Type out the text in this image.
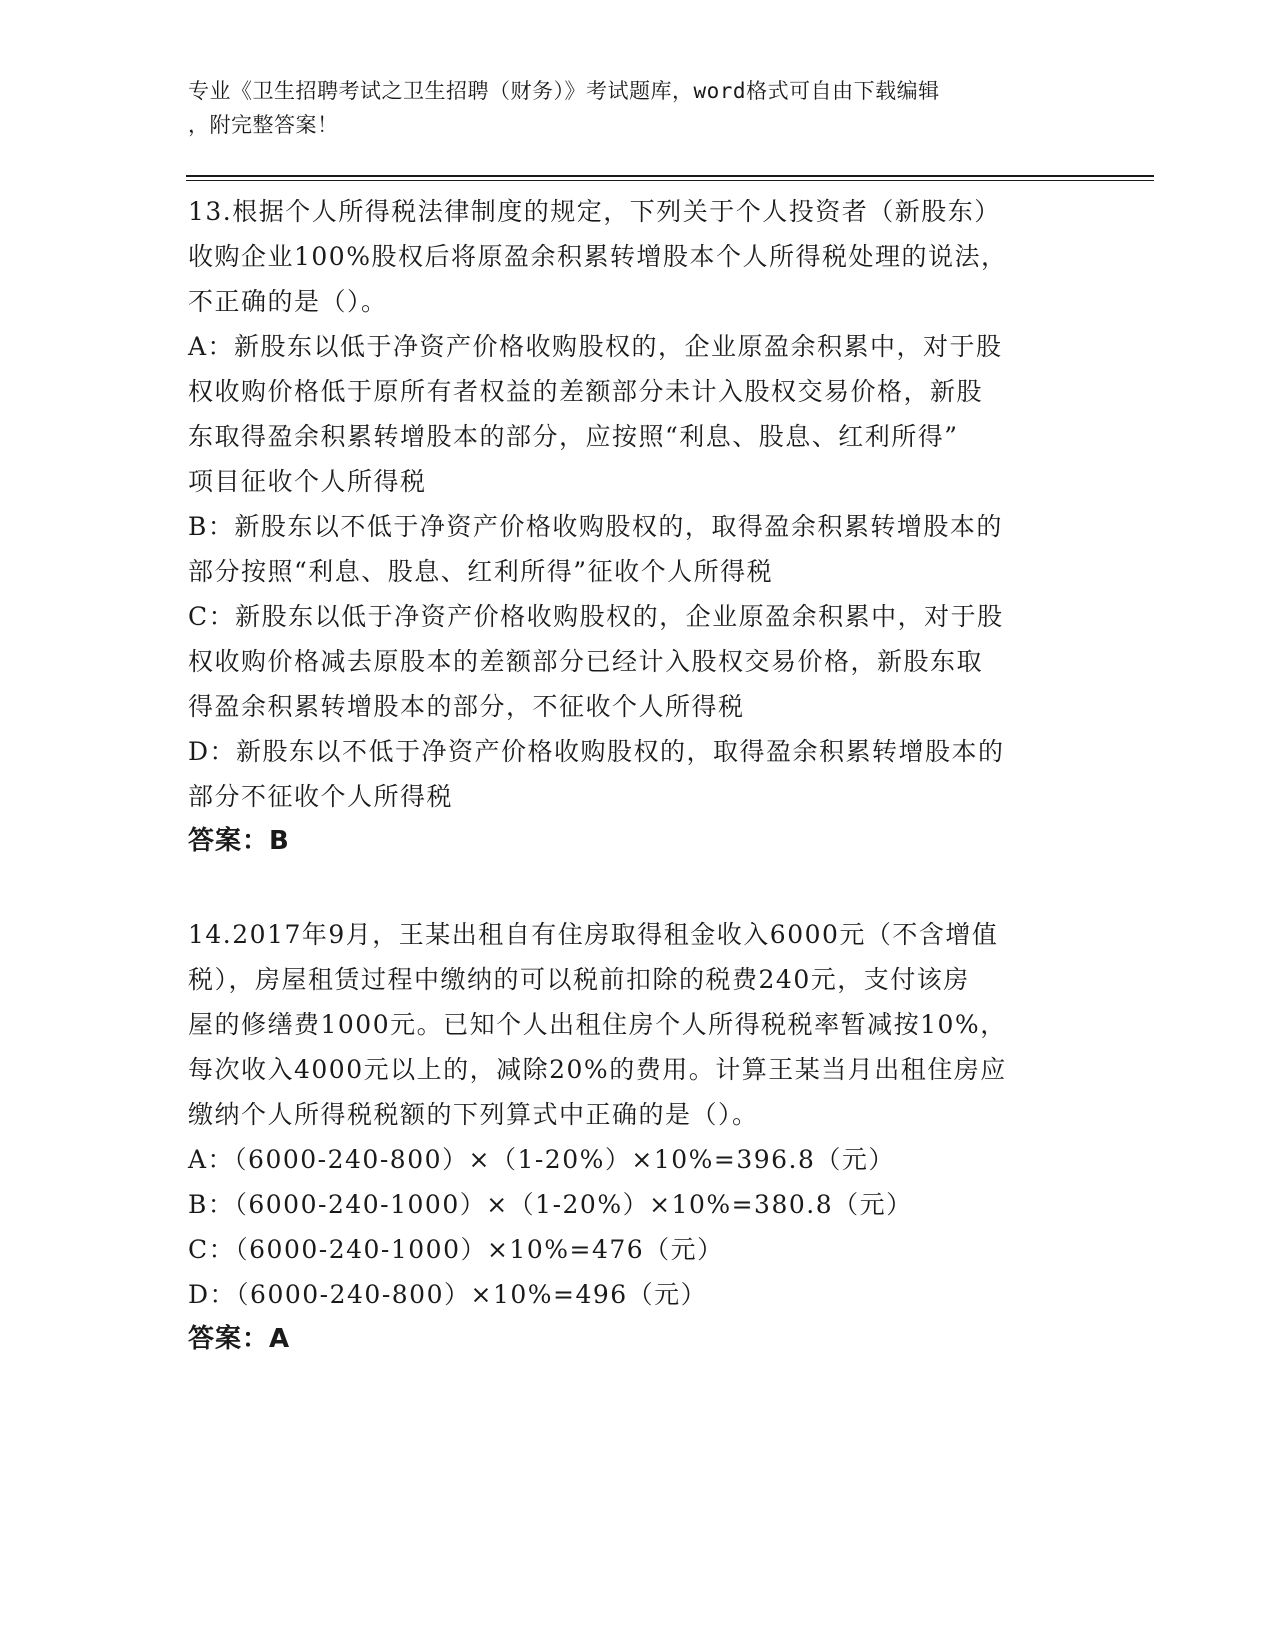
专业《卫生招聘考试之卫生招聘（财务）》考试题库，word格式可自由下载编辑
，附完整答案！
13.根据个人所得税法律制度的规定，下列关于个人投资者（新股东）
收购企业100%股权后将原盈余积累转增股本个人所得税处理的说法，
不正确的是（）。
A：新股东以低于净资产价格收购股权的，企业原盈余积累中，对于股
权收购价格低于原所有者权益的差额部分未计入股权交易价格，新股
东取得盈余积累转增股本的部分，应按照“利息、股息、红利所得”
项目征收个人所得税
B：新股东以不低于净资产价格收购股权的，取得盈余积累转增股本的
部分按照“利息、股息、红利所得”征收个人所得税
C：新股东以低于净资产价格收购股权的，企业原盈余积累中，对于股
权收购价格减去原股本的差额部分已经计入股权交易价格，新股东取
得盈余积累转增股本的部分，不征收个人所得税
D：新股东以不低于净资产价格收购股权的，取得盈余积累转增股本的
部分不征收个人所得税
答案：B
14.2017年9月，王某出租自有住房取得租金收入6000元（不含增值
税），房屋租赁过程中缴纳的可以税前扣除的税费240元，支付该房
屋的修缮费1000元。已知个人出租住房个人所得税税率暂减按10%，
每次收入4000元以上的，减除20%的费用。计算王某当月出租住房应
缴纳个人所得税税额的下列算式中正确的是（）。
A：（6000-240-800）×（1-20%）×10%=396.8（元）
B：（6000-240-1000）×（1-20%）×10%=380.8（元）
C：（6000-240-1000）×10%=476（元）
D：（6000-240-800）×10%=496（元）
答案：A
